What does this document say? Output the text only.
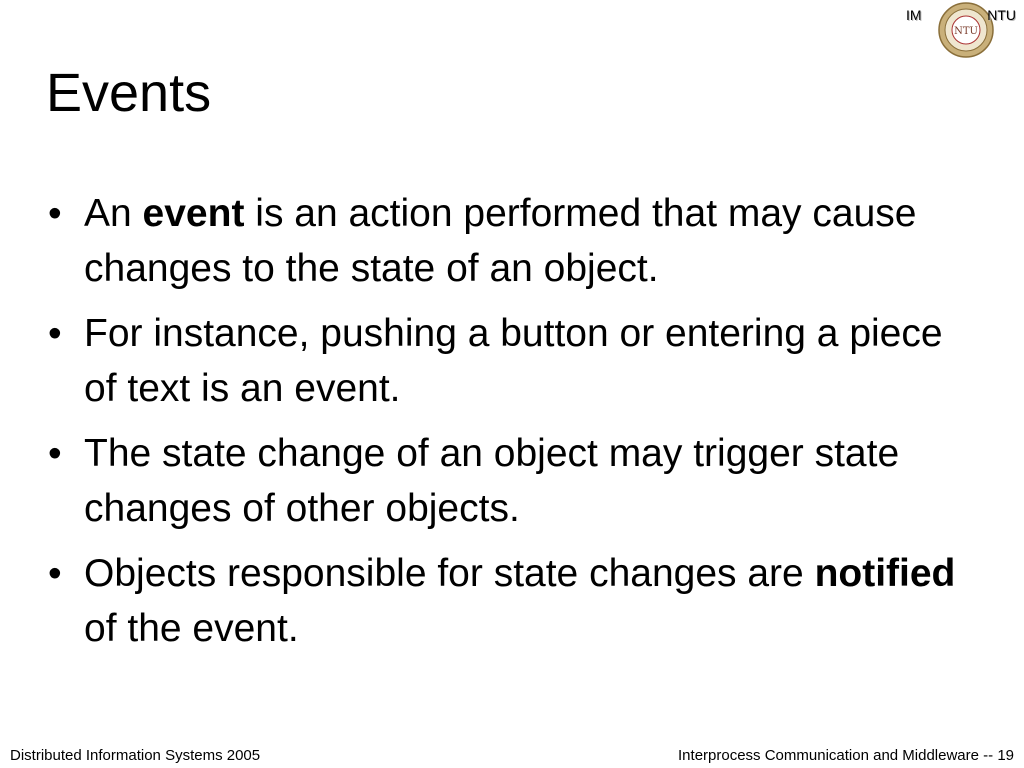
IM
NTU
NTU
Events
• An event is an action performed that may cause changes to the state of an object.
• For instance, pushing a button or entering a piece of text is an event.
• The state change of an object may trigger state changes of other objects.
• Objects responsible for state changes are notified of the event.
Distributed Information Systems 2005	Interprocess Communication and Middleware -- 19
